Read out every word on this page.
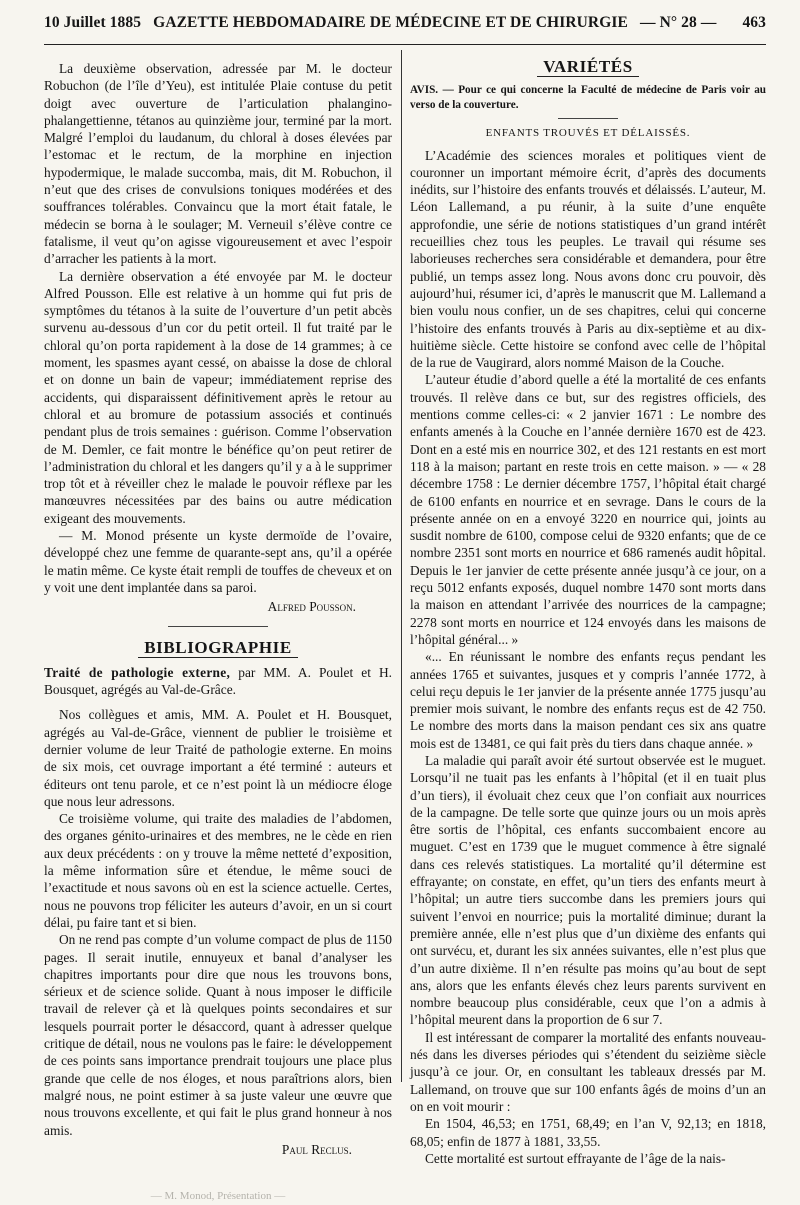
10 Juillet 1885 GAZETTE HEBDOMADAIRE DE MÉDECINE ET DE CHIRURGIE — N° 28 — 463

La deuxième observation, adressée par M. le docteur Robuchon (de l’île d’Yeu), est intitulée Plaie contuse du petit doigt avec ouverture de l’articulation phalangino-phalangettienne, tétanos au quinzième jour, terminé par la mort. Malgré l’emploi du laudanum, du chloral à doses élevées par l’estomac et le rectum, de la morphine en injection hypodermique, le malade succomba, mais, dit M. Robuchon, il n’eut que des crises de convulsions toniques modérées et des souffrances tolérables. Convaincu que la mort était fatale, le médecin se borna à le soulager; M. Verneuil s’élève contre ce fatalisme, il veut qu’on agisse vigoureusement et avec l’espoir d’arracher les patients à la mort.

La dernière observation a été envoyée par M. le docteur Alfred Pousson. Elle est relative à un homme qui fut pris de symptômes du tétanos à la suite de l’ouverture d’un petit abcès survenu au-dessous d’un cor du petit orteil. Il fut traité par le chloral qu’on porta rapidement à la dose de 14 grammes; à ce moment, les spasmes ayant cessé, on abaisse la dose de chloral et on donne un bain de vapeur; immédiatement reprise des accidents, qui disparaissent définitivement après le retour au chloral et au bromure de potassium associés et continués pendant plus de trois semaines : guérison. Comme l’observation de M. Demler, ce fait montre le bénéfice qu’on peut retirer de l’administration du chloral et les dangers qu’il y a à le supprimer trop tôt et à réveiller chez le malade le pouvoir réflexe par les manœuvres nécessitées par des bains ou autre médication exigeant des mouvements.

— M. Monod présente un kyste dermoïde de l’ovaire, développé chez une femme de quarante-sept ans, qu’il a opérée le matin même. Ce kyste était rempli de touffes de cheveux et on y voit une dent implantée dans sa paroi.

Alfred Pousson.
BIBLIOGRAPHIE

Traité de pathologie externe, par MM. A. Poulet et H. Bousquet, agrégés au Val-de-Grâce.

Nos collègues et amis, MM. A. Poulet et H. Bousquet, agrégés au Val-de-Grâce, viennent de publier le troisième et dernier volume de leur Traité de pathologie externe. En moins de six mois, cet ouvrage important a été terminé : auteurs et éditeurs ont tenu parole, et ce n’est point là un médiocre éloge que nous leur adressons.

Ce troisième volume, qui traite des maladies de l’abdomen, des organes génito-urinaires et des membres, ne le cède en rien aux deux précédents : on y trouve la même netteté d’exposition, la même information sûre et étendue, le même souci de l’exactitude et nous savons où en est la science actuelle. Certes, nous ne pouvons trop féliciter les auteurs d’avoir, en un si court délai, pu faire tant et si bien.

On ne rend pas compte d’un volume compact de plus de 1150 pages. Il serait inutile, ennuyeux et banal d’analyser les chapitres importants pour dire que nous les trouvons bons, sérieux et de science solide. Quant à nous imposer le difficile travail de relever çà et là quelques points secondaires et sur lesquels pourrait porter le désaccord, quant à adresser quelque critique de détail, nous ne voulons pas le faire: le développement de ces points sans importance prendrait toujours une place plus grande que celle de nos éloges, et nous paraîtrions alors, bien malgré nous, ne point estimer à sa juste valeur une œuvre que nous trouvons excellente, et qui fait le plus grand honneur à nos amis.

Paul Reclus.
— M. Monod, Présentation —
VARIÉTÉS

AVIS. — Pour ce qui concerne la Faculté de médecine de Paris voir au verso de la couverture.

ENFANTS TROUVÉS ET DÉLAISSÉS.

L’Académie des sciences morales et politiques vient de couronner un important mémoire écrit, d’après des documents inédits, sur l’histoire des enfants trouvés et délaissés. L’auteur, M. Léon Lallemand, a pu réunir, à la suite d’une enquête approfondie, une série de notions statistiques d’un grand intérêt recueillies chez tous les peuples. Le travail qui résume ses laborieuses recherches sera considérable et demandera, pour être publié, un temps assez long. Nous avons donc cru pouvoir, dès aujourd’hui, résumer ici, d’après le manuscrit que M. Lallemand a bien voulu nous confier, un de ses chapitres, celui qui concerne l’histoire des enfants trouvés à Paris au dix-septième et au dix-huitième siècle. Cette histoire se confond avec celle de l’hôpital de la rue de Vaugirard, alors nommé Maison de la Couche.

L’auteur étudie d’abord quelle a été la mortalité de ces enfants trouvés. Il relève dans ce but, sur des registres officiels, des mentions comme celles-ci: « 2 janvier 1671 : Le nombre des enfants amenés à la Couche en l’année dernière 1670 est de 423. Dont en a esté mis en nourrice 302, et des 121 restants en est mort 118 à la maison; partant en reste trois en cette maison. » — « 28 décembre 1758 : Le dernier décembre 1757, l’hôpital était chargé de 6100 enfants en nourrice et en sevrage. Dans le cours de la présente année on en a envoyé 3220 en nourrice qui, joints au susdit nombre de 6100, compose celui de 9320 enfants; que de ce nombre 2351 sont morts en nourrice et 686 ramenés audit hôpital. Depuis le 1er janvier de cette présente année jusqu’à ce jour, on a reçu 5012 enfants exposés, duquel nombre 1470 sont morts dans la maison en attendant l’arrivée des nourrices de la campagne; 2278 sont morts en nourrice et 124 envoyés dans les maisons de l’hôpital général... »

«... En réunissant le nombre des enfants reçus pendant les années 1765 et suivantes, jusques et y compris l’année 1772, à celui reçu depuis le 1er janvier de la présente année 1775 jusqu’au premier mois suivant, le nombre des enfants reçus est de 42 750. Le nombre des morts dans la maison pendant ces six ans quatre mois est de 13481, ce qui fait près du tiers dans chaque année. »

La maladie qui paraît avoir été surtout observée est le muguet. Lorsqu’il ne tuait pas les enfants à l’hôpital (et il en tuait plus d’un tiers), il évoluait chez ceux que l’on confiait aux nourrices de la campagne. De telle sorte que quinze jours ou un mois après être sortis de l’hôpital, ces enfants succombaient encore au muguet. C’est en 1739 que le muguet commence à être signalé dans ces relevés statistiques. La mortalité qu’il détermine est effrayante; on constate, en effet, qu’un tiers des enfants meurt à l’hôpital; un autre tiers succombe dans les premiers jours qui suivent l’envoi en nourrice; puis la mortalité diminue; durant la première année, elle n’est plus que d’un dixième des enfants qui ont survécu, et, durant les six années suivantes, elle n’est plus que d’un autre dixième. Il n’en résulte pas moins qu’au bout de sept ans, alors que les enfants élevés chez leurs parents survivent en nombre beaucoup plus considérable, ceux que l’on a admis à l’hôpital meurent dans la proportion de 6 sur 7.

Il est intéressant de comparer la mortalité des enfants nouveau-nés dans les diverses périodes qui s’étendent du seizième siècle jusqu’à ce jour. Or, en consultant les tableaux dressés par M. Lallemand, on trouve que sur 100 enfants âgés de moins d’un an on en voit mourir :

En 1504, 46,53; en 1751, 68,49; en l’an V, 92,13; en 1818, 68,05; enfin de 1877 à 1881, 33,55.

Cette mortalité est surtout effrayante de l’âge de la nais-
